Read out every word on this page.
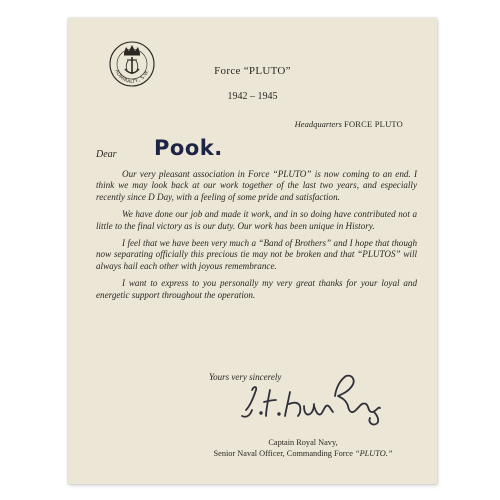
ADMIRALTY, S.W.	Force “PLUTO”
1942 – 1945
Headquarters FORCE PLUTO
Dear Pook.

Our very pleasant association in Force “PLUTO” is now coming to an end. I think we may look back at our work together of the last two years, and especially recently since D Day, with a feeling of some pride and satisfaction.

We have done our job and made it work, and in so doing have contributed not a little to the final victory as is our duty. Our work has been unique in History.

I feel that we have been very much a “Band of Brothers” and I hope that though now separating officially this precious tie may not be broken and that “PLUTOS” will always hail each other with joyous remembrance.

I want to express to you personally my very great thanks for your loyal and energetic support throughout the operation.

Yours very sincerely
Captain Royal Navy,
Senior Naval Officer, Commanding Force “PLUTO.”
